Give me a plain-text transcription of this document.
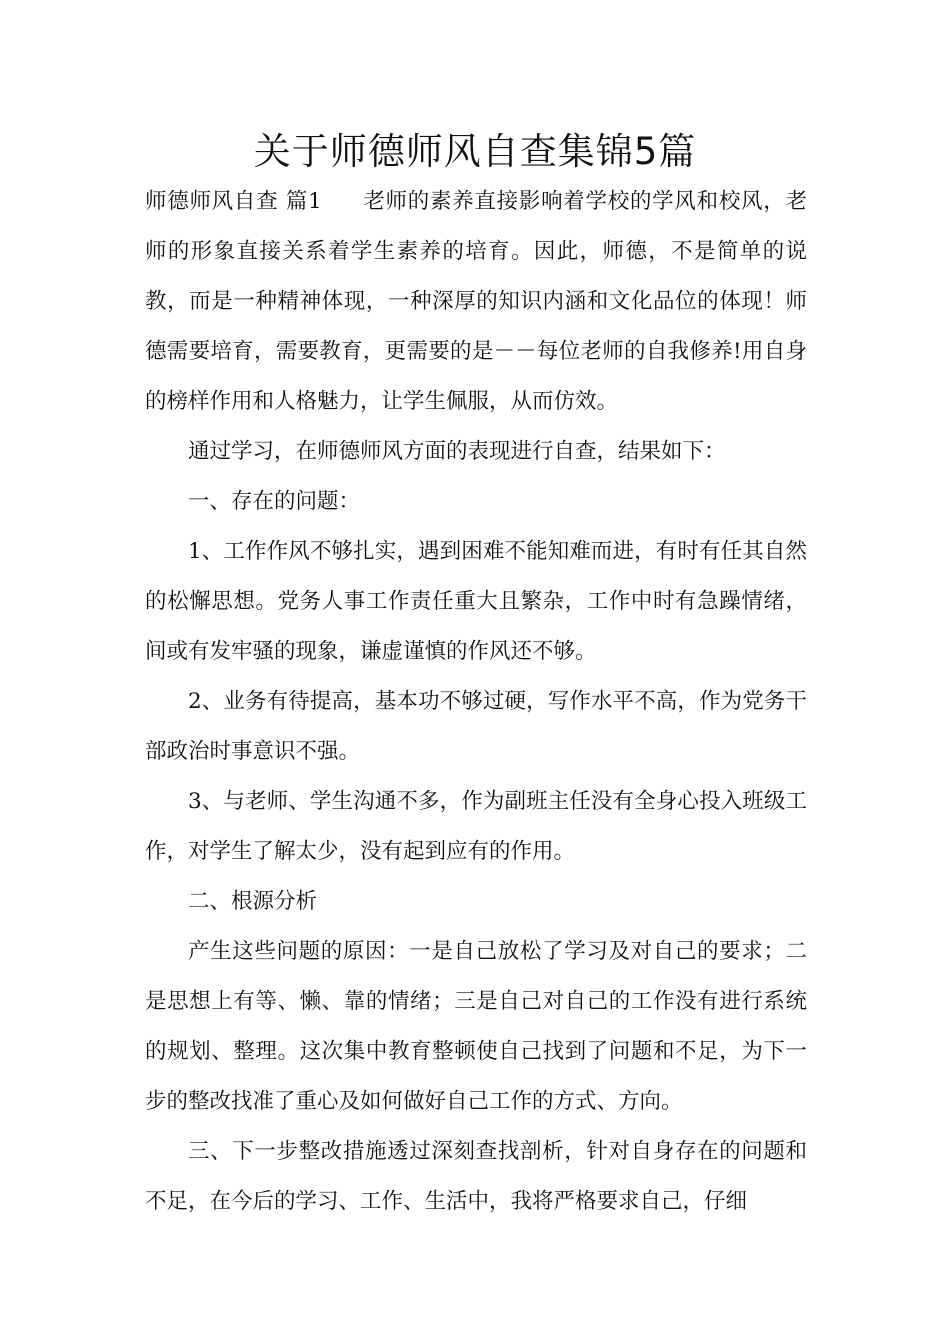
关于师德师风自查集锦5篇

师德师风自查 篇1 老师的素养直接影响着学校的学风和校风，老师的形象直接关系着学生素养的培育。因此，师德，不是简单的说教，而是一种精神体现，一种深厚的知识内涵和文化品位的体现！师德需要培育，需要教育，更需要的是－－每位老师的自我修养!用自身的榜样作用和人格魅力，让学生佩服，从而仿效。

通过学习，在师德师风方面的表现进行自查，结果如下：

一、存在的问题：

1、工作作风不够扎实，遇到困难不能知难而进，有时有任其自然的松懈思想。党务人事工作责任重大且繁杂，工作中时有急躁情绪，间或有发牢骚的现象，谦虚谨慎的作风还不够。

2、业务有待提高，基本功不够过硬，写作水平不高，作为党务干部政治时事意识不强。

3、与老师、学生沟通不多，作为副班主任没有全身心投入班级工作，对学生了解太少，没有起到应有的作用。

二、根源分析

产生这些问题的原因：一是自己放松了学习及对自己的要求；二是思想上有等、懒、靠的情绪；三是自己对自己的工作没有进行系统的规划、整理。这次集中教育整顿使自己找到了问题和不足，为下一步的整改找准了重心及如何做好自己工作的方式、方向。

三、下一步整改措施透过深刻查找剖析，针对自身存在的问题和不足，在今后的学习、工作、生活中，我将严格要求自己，仔细
